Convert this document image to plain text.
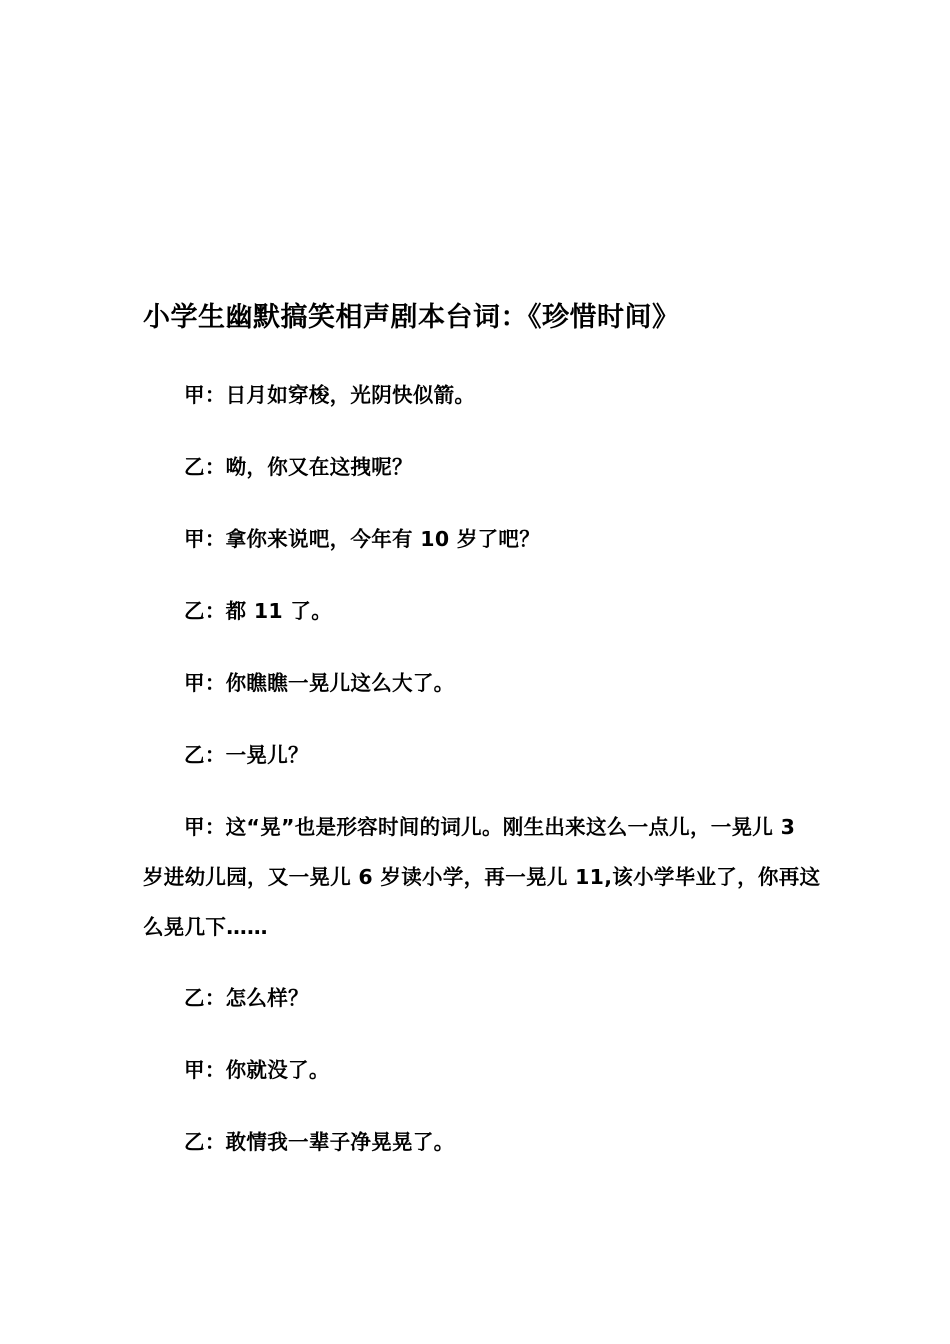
小学生幽默搞笑相声剧本台词：《珍惜时间》
甲：日月如穿梭，光阴快似箭。
乙：呦，你又在这拽呢？
甲：拿你来说吧，今年有 10 岁了吧？
乙：都 11 了。
甲：你瞧瞧一晃儿这么大了。
乙：一晃儿？
甲：这“晃”也是形容时间的词儿。刚生出来这么一点儿，一晃儿 3 岁进幼儿园，又一晃儿 6 岁读小学，再一晃儿 11,该小学毕业了，你再这么晃几下……
乙：怎么样？
甲：你就没了。
乙：敢情我一辈子净晃晃了。
